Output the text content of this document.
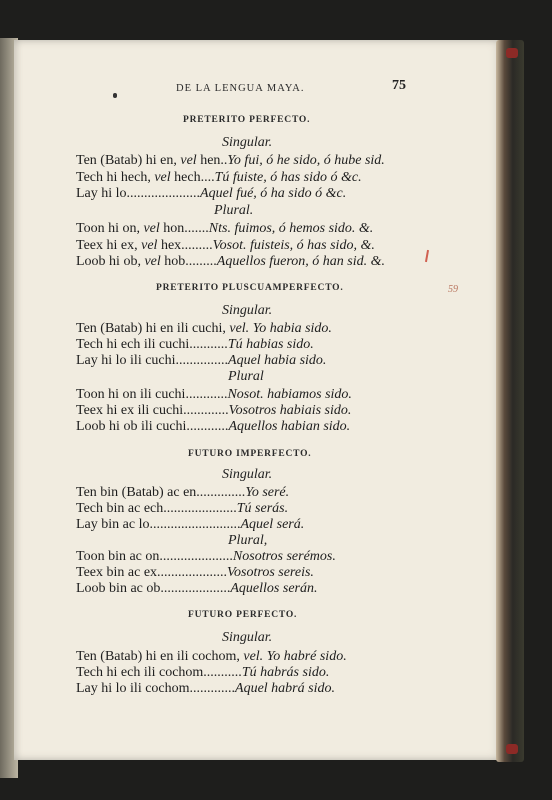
DE LA LENGUA MAYA.	75
PRETERITO PERFECTO.
Singular.
Ten (Batab) hi en, vel hen..Yo fui, ó he sido, ó hube sid.
Tech hi hech, vel hech....Tú fuiste, ó has sido ó &c.
Lay hi lo.....................Aquel fué, ó ha sido ó &c.
Plural.
Toon hi on, vel hon.......Nts. fuimos, ó hemos sido. &.
Teex hi ex, vel hex.........Vosot. fuisteis, ó has sido, &.
Loob hi ob, vel hob.........Aquellos fueron, ó han sid. &.
PRETERITO PLUSCUAMPERFECTO.	59
Singular.
Ten (Batab) hi en ili cuchi, vel. Yo habia sido.
Tech hi ech ili cuchi...........Tú habias sido.
Lay hi lo ili cuchi...............Aquel habia sido.
Plural
Toon hi on ili cuchi............Nosot. habiamos sido.
Teex hi ex ili cuchi.............Vosotros habiais sido.
Loob hi ob ili cuchi............Aquellos habian sido.
FUTURO IMPERFECTO.
Singular.
Ten bin (Batab) ac en..............Yo seré.
Tech bin ac ech.....................Tú serás.
Lay bin ac lo..........................Aquel será.
Plural,
Toon bin ac on.....................Nosotros serémos.
Teex bin ac ex....................Vosotros sereis.
Loob bin ac ob....................Aquellos serán.
FUTURO PERFECTO.
Singular.
Ten (Batab) hi en ili cochom, vel. Yo habré sido.
Tech hi ech ili cochom...........Tú habrás sido.
Lay hi lo ili cochom.............Aquel habrá sido.
